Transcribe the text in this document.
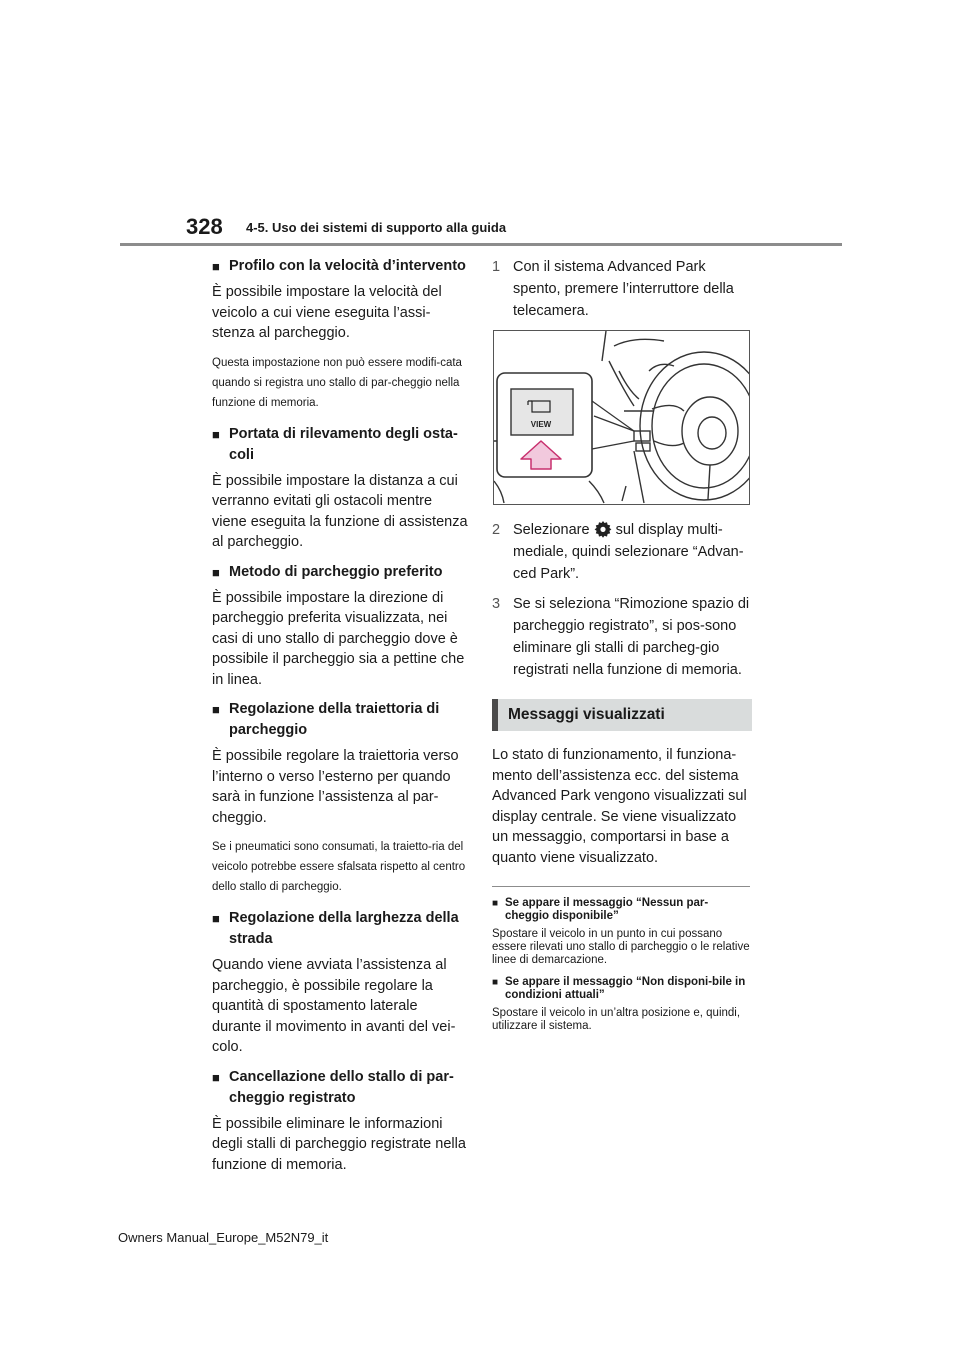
328 4-5. Uso dei sistemi di supporto alla guida
■ Profilo con la velocità d’intervento

È possibile impostare la velocità del veicolo a cui viene eseguita l’assi-stenza al parcheggio.

Questa impostazione non può essere modifi-cata quando si registra uno stallo di par-cheggio nella funzione di memoria.

■ Portata di rilevamento degli osta-coli

È possibile impostare la distanza a cui verranno evitati gli ostacoli mentre viene eseguita la funzione di assistenza al parcheggio.

■ Metodo di parcheggio preferito

È possibile impostare la direzione di parcheggio preferita visualizzata, nei casi di uno stallo di parcheggio dove è possibile il parcheggio sia a pettine che in linea.

■ Regolazione della traiettoria di parcheggio

È possibile regolare la traiettoria verso l’interno o verso l’esterno per quando sarà in funzione l’assistenza al par-cheggio.

Se i pneumatici sono consumati, la traietto-ria del veicolo potrebbe essere sfalsata rispetto al centro dello stallo di parcheggio.

■ Regolazione della larghezza della strada

Quando viene avviata l’assistenza al parcheggio, è possibile regolare la quantità di spostamento laterale durante il movimento in avanti del vei-colo.

■ Cancellazione dello stallo di par-cheggio registrato

È possibile eliminare le informazioni degli stalli di parcheggio registrate nella funzione di memoria.

1 Con il sistema Advanced Park spento, premere l’interruttore della telecamera.
VIEW
2 Selezionare sul display multi-mediale, quindi selezionare “Advan-ced Park”.
3 Se si seleziona “Rimozione spazio di parcheggio registrato”, si pos-sono eliminare gli stalli di parcheg-gio registrati nella funzione di memoria.
Messaggi visualizzati

Lo stato di funzionamento, il funziona-mento dell’assistenza ecc. del sistema Advanced Park vengono visualizzati sul display centrale. Se viene visualizzato un messaggio, comportarsi in base a quanto viene visualizzato.

■ Se appare il messaggio “Nessun par-cheggio disponibile”

Spostare il veicolo in un punto in cui possano essere rilevati uno stallo di parcheggio o le relative linee di demarcazione.

■ Se appare il messaggio “Non disponi-bile in condizioni attuali”

Spostare il veicolo in un’altra posizione e, quindi, utilizzare il sistema.

Owners Manual_Europe_M52N79_it
